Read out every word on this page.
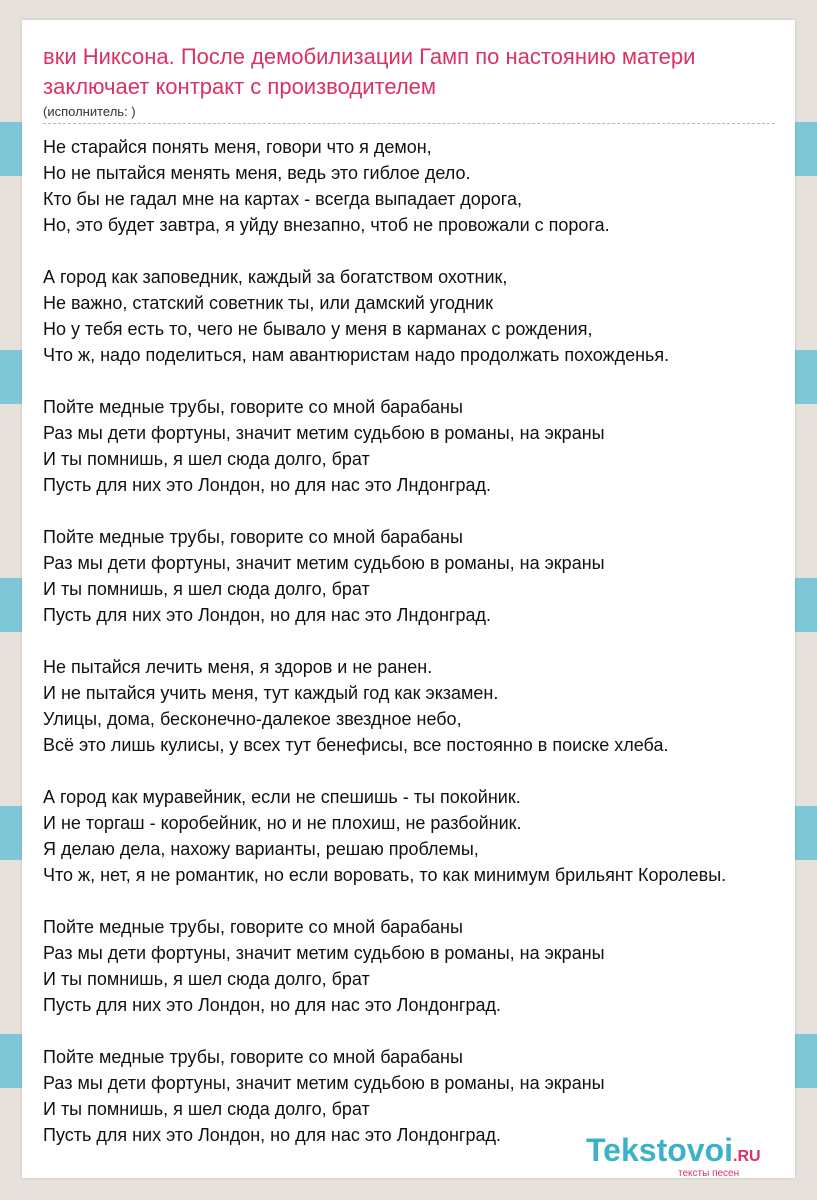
вки Никсона. После демобилизации Гамп по настоянию матери заключает контракт с производителем
(исполнитель: )
Не старайся понять меня, говори что я демон,
Но не пытайся менять меня, ведь это гиблое дело.
Кто бы не гадал мне на картах - всегда выпадает дорога,
Но, это будет завтра, я уйду внезапно, чтоб не провожали с порога.
А город как заповедник, каждый за богатством охотник,
Не важно, статский советник ты, или дамский угодник
Но у тебя есть то, чего не бывало у меня в карманах с рождения,
Что ж, надо поделиться, нам авантюристам надо продолжать похожденья.
Пойте медные трубы, говорите со мной барабаны
Раз мы дети фортуны, значит метим судьбою в романы, на экраны
И ты помнишь, я шел сюда долго, брат
Пусть для них это Лондон, но для нас это Лндонград.
Пойте медные трубы, говорите со мной барабаны
Раз мы дети фортуны, значит метим судьбою в романы, на экраны
И ты помнишь, я шел сюда долго, брат
Пусть для них это Лондон, но для нас это Лндонград.
Не пытайся лечить меня, я здоров и не ранен.
И не пытайся учить меня, тут каждый год как экзамен.
Улицы, дома, бесконечно-далекое звездное небо,
Всё это лишь кулисы, у всех тут бенефисы, все постоянно в поиске хлеба.
А город как муравейник, если не спешишь - ты покойник.
И не торгаш - коробейник, но и не плохиш, не разбойник.
Я делаю дела, нахожу варианты, решаю проблемы,
Что ж, нет, я не романтик, но если воровать, то как минимум брильянт Королевы.
Пойте медные трубы, говорите со мной барабаны
Раз мы дети фортуны, значит метим судьбою в романы, на экраны
И ты помнишь, я шел сюда долго, брат
Пусть для них это Лондон, но для нас это Лондонград.
Пойте медные трубы, говорите со мной барабаны
Раз мы дети фортуны, значит метим судьбою в романы, на экраны
И ты помнишь, я шел сюда долго, брат
Пусть для них это Лондон, но для нас это Лондонград.	Tekstovoi.RU
тексты песен
